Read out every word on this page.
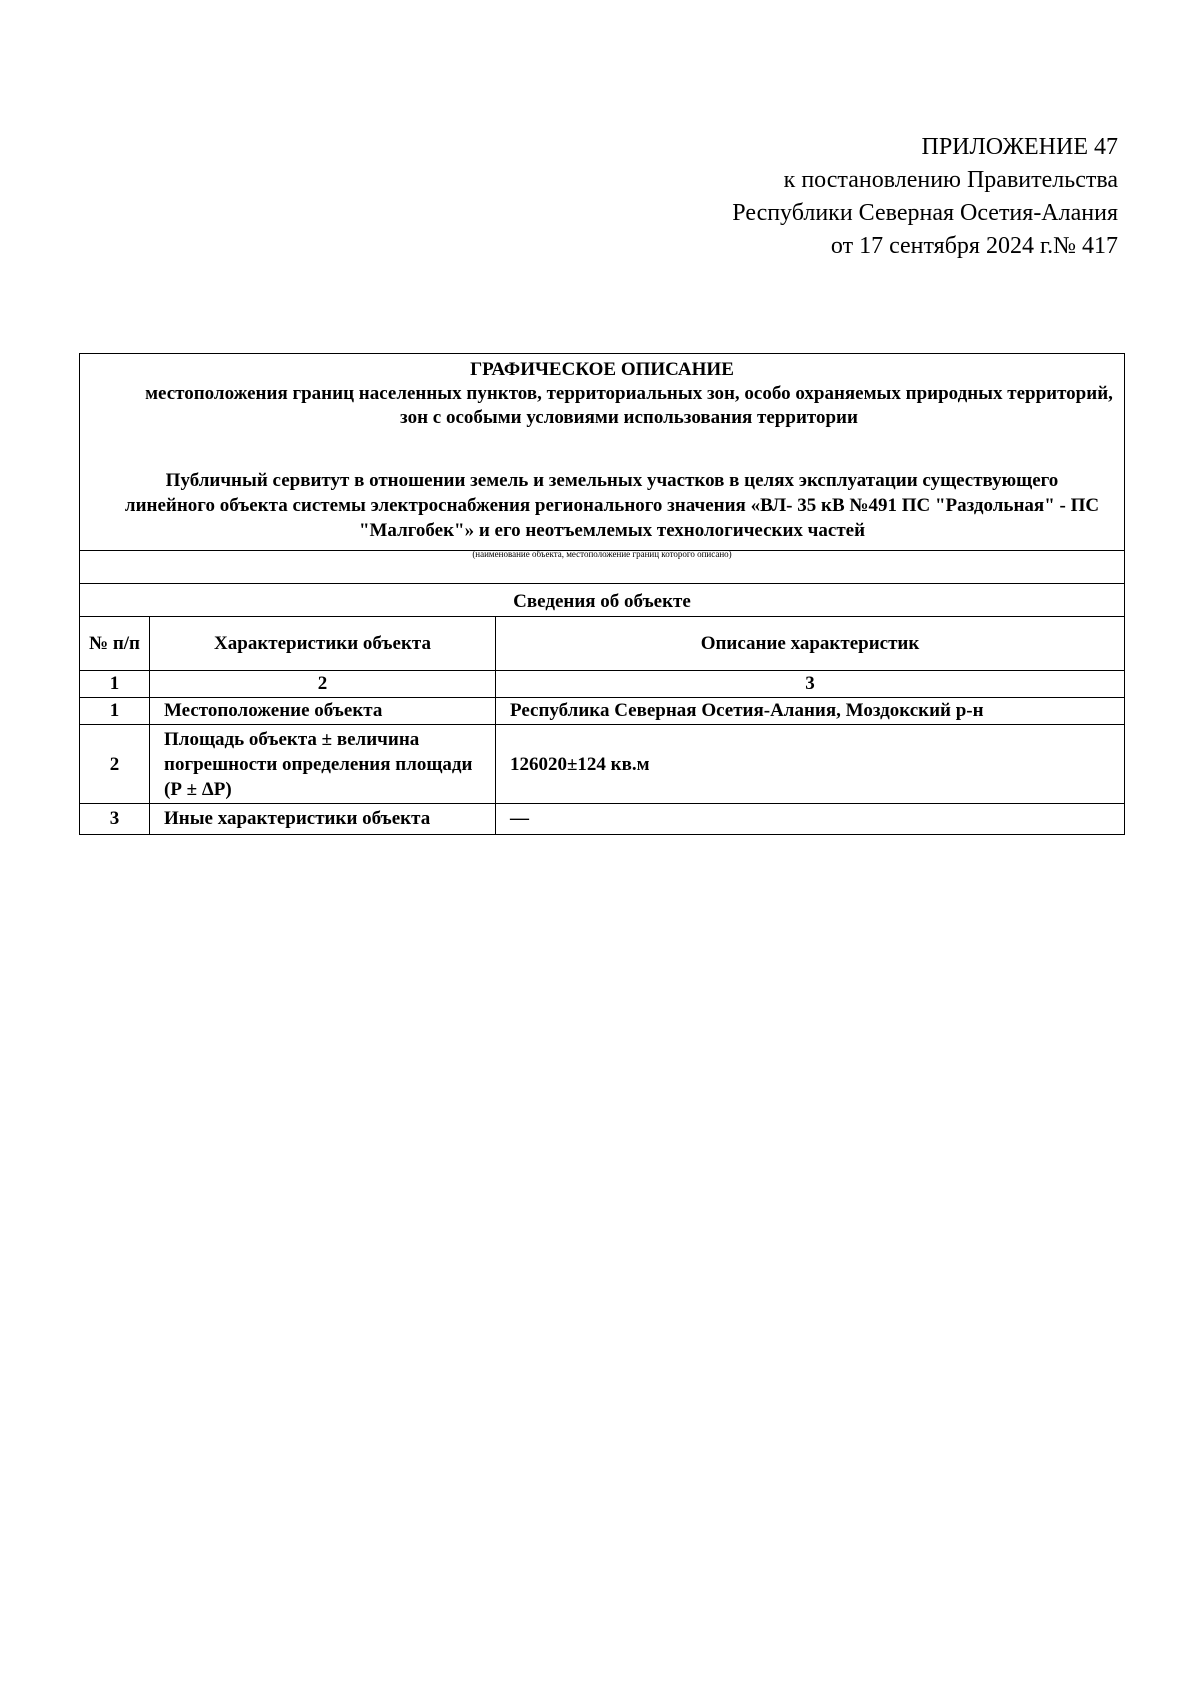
ПРИЛОЖЕНИЕ 47
к постановлению Правительства
Республики Северная Осетия-Алания
от 17 сентября 2024 г.№ 417
ГРАФИЧЕСКОЕ ОПИСАНИЕ
местоположения границ населенных пунктов, территориальных зон, особо охраняемых природных территорий, зон с особыми условиями использования территории
Публичный сервитут в отношении земель и земельных участков в целях эксплуатации существующего линейного объекта системы электроснабжения регионального значения «ВЛ- 35 кВ №491 ПС "Раздольная" - ПС "Малгобек"» и его неотъемлемых технологических частей		

(наименование объекта, местоположение границ которого описано)		

Сведения об объекте		
№ п/п	Характеристики объекта	Описание характеристик
1	2	3
1	Местоположение объекта	Республика Северная Осетия-Алания, Моздокский р-н
2	Площадь объекта ± величина погрешности определения площади (Р ± ΔР)	126020±124 кв.м
3	Иные характеристики объекта	—
